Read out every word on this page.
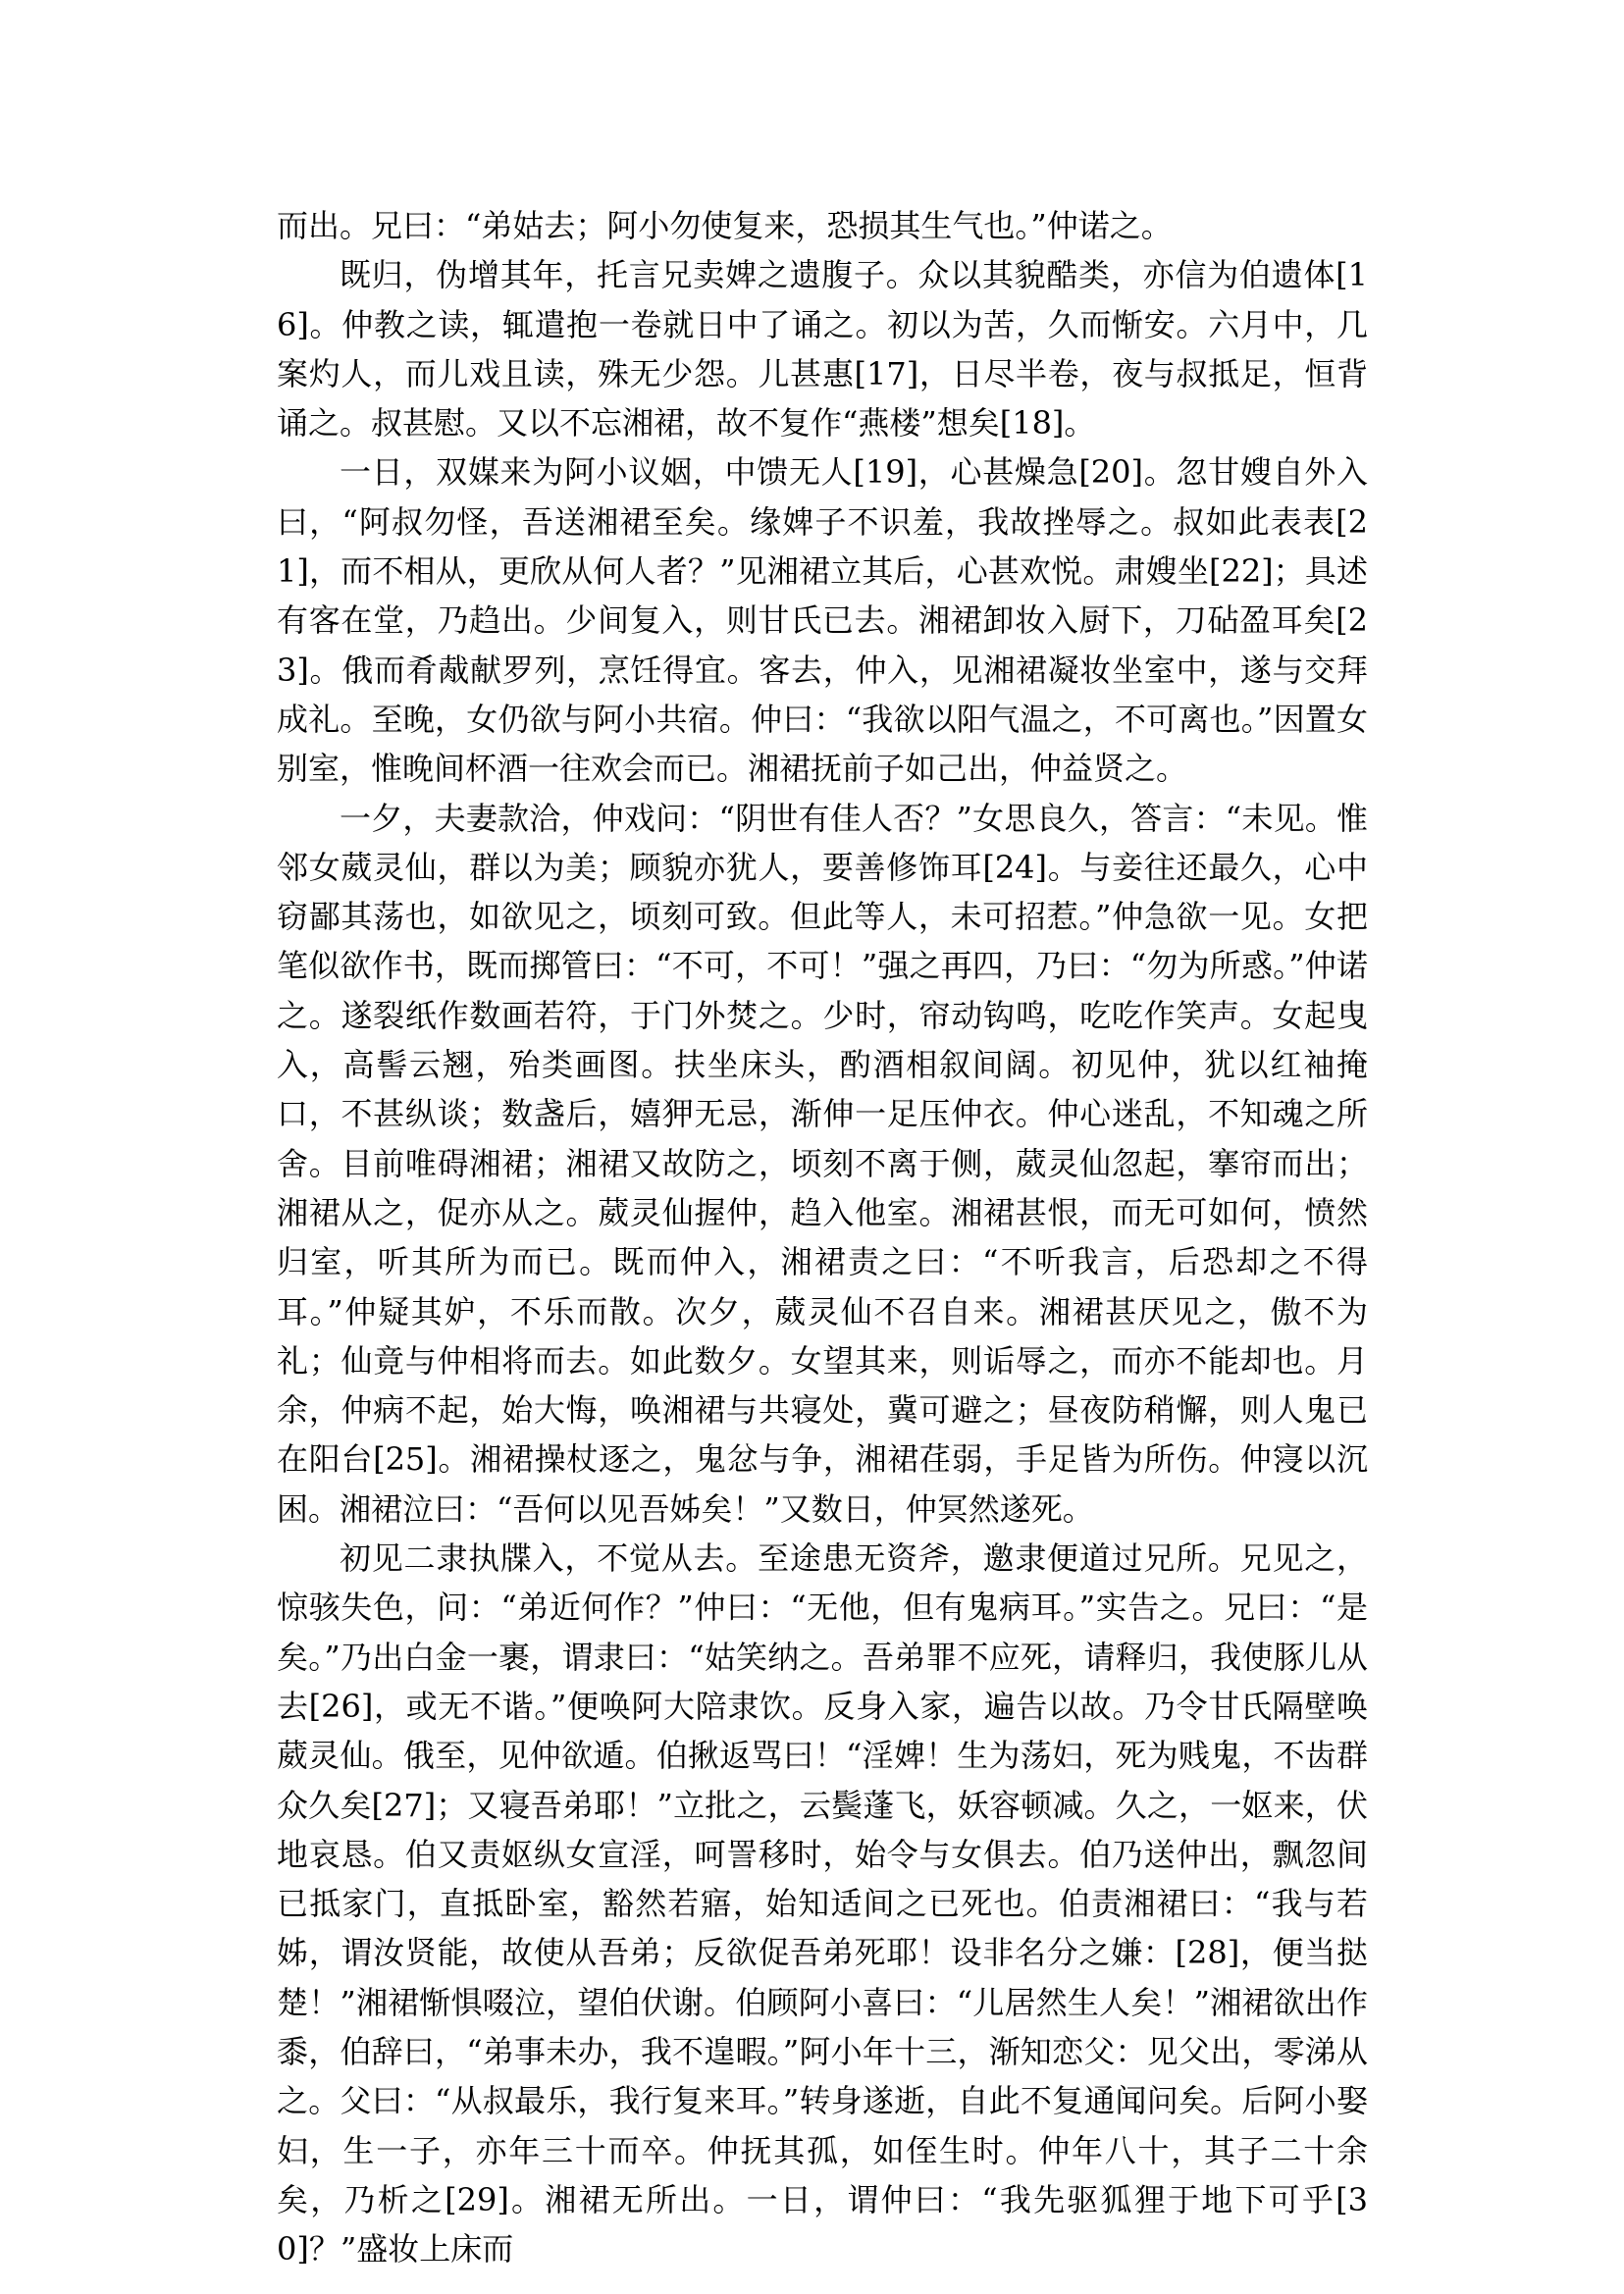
而出。兄曰：“弟姑去；阿小勿使复来，恐损其生气也。”仲诺之。

既归，伪增其年，托言兄卖婢之遗腹子。众以其貌酷类，亦信为伯遗体[16]。仲教之读，辄遣抱一卷就日中了诵之。初以为苦，久而惭安。六月中，几案灼人，而儿戏且读，殊无少怨。儿甚惠[17]，日尽半卷，夜与叔抵足，恒背诵之。叔甚慰。又以不忘湘裙，故不复作“燕楼”想矣[18]。

一日，双媒来为阿小议姻，中馈无人[19]，心甚燥急[20]。忽甘嫂自外入曰，“阿叔勿怪，吾送湘裙至矣。缘婢子不识羞，我故挫辱之。叔如此表表[21]，而不相从，更欣从何人者？”见湘裙立其后，心甚欢悦。肃嫂坐[22]；具述有客在堂，乃趋出。少间复入，则甘氏已去。湘裙卸妆入厨下，刀砧盈耳矣[23]。俄而肴胾献罗列，烹饪得宜。客去，仲入，见湘裙凝妆坐室中，遂与交拜成礼。至晚，女仍欲与阿小共宿。仲曰：“我欲以阳气温之，不可离也。”因置女别室，惟晚间杯酒一往欢会而已。湘裙抚前子如己出，仲益贤之。

一夕，夫妻款洽，仲戏问：“阴世有佳人否？”女思良久，答言：“未见。惟邻女葳灵仙，群以为美；顾貌亦犹人，要善修饰耳[24]。与妾往还最久，心中窃鄙其荡也，如欲见之，顷刻可致。但此等人，未可招惹。”仲急欲一见。女把笔似欲作书，既而掷管曰：“不可，不可！”强之再四，乃曰：“勿为所惑。”仲诺之。遂裂纸作数画若符，于门外焚之。少时，帘动钩鸣，吃吃作笑声。女起曳入，高髻云翘，殆类画图。扶坐床头，酌酒相叙间阔。初见仲，犹以红袖掩口，不甚纵谈；数盏后，嬉狎无忌，渐伸一足压仲衣。仲心迷乱，不知魂之所舍。目前唯碍湘裙；湘裙又故防之，顷刻不离于侧，葳灵仙忽起，搴帘而出；湘裙从之，促亦从之。葳灵仙握仲，趋入他室。湘裙甚恨，而无可如何，愤然归室，听其所为而已。既而仲入，湘裙责之曰：“不听我言，后恐却之不得耳。”仲疑其妒，不乐而散。次夕，葳灵仙不召自来。湘裙甚厌见之，傲不为礼；仙竟与仲相将而去。如此数夕。女望其来，则诟辱之，而亦不能却也。月余，仲病不起，始大悔，唤湘裙与共寝处，冀可避之；昼夜防稍懈，则人鬼已在阳台[25]。湘裙操杖逐之，鬼忿与争，湘裙荏弱，手足皆为所伤。仲寖以沉困。湘裙泣曰：“吾何以见吾姊矣！”又数日，仲冥然遂死。

初见二隶执牒入，不觉从去。至途患无资斧，邀隶便道过兄所。兄见之，惊骇失色，问：“弟近何作？”仲曰：“无他，但有鬼病耳。”实告之。兄曰：“是矣。”乃出白金一裹，谓隶曰：“姑笑纳之。吾弟罪不应死，请释归，我使豚儿从去[26]，或无不谐。”便唤阿大陪隶饮。反身入家，遍告以故。乃令甘氏隔壁唤葳灵仙。俄至，见仲欲遁。伯揪返骂曰！“淫婢！生为荡妇，死为贱鬼，不齿群众久矣[27]；又寝吾弟耶！”立批之，云鬓蓬飞，妖容顿减。久之，一妪来，伏地哀恳。伯又责妪纵女宣淫，呵詈移时，始令与女俱去。伯乃送仲出，飘忽间已抵家门，直抵卧室，豁然若寤，始知适间之已死也。伯责湘裙曰：“我与若姊，谓汝贤能，故使从吾弟；反欲促吾弟死耶！设非名分之嫌：[28]，便当挞楚！”湘裙惭惧啜泣，望伯伏谢。伯顾阿小喜曰：“儿居然生人矣！”湘裙欲出作黍，伯辞曰，“弟事未办，我不遑暇。”阿小年十三，渐知恋父：见父出，零涕从之。父曰：“从叔最乐，我行复来耳。”转身遂逝，自此不复通闻问矣。后阿小娶妇，生一子，亦年三十而卒。仲抚其孤，如侄生时。仲年八十，其子二十余矣，乃析之[29]。湘裙无所出。一日，谓仲曰：“我先驱狐狸于地下可乎[30]？”盛妆上床而
